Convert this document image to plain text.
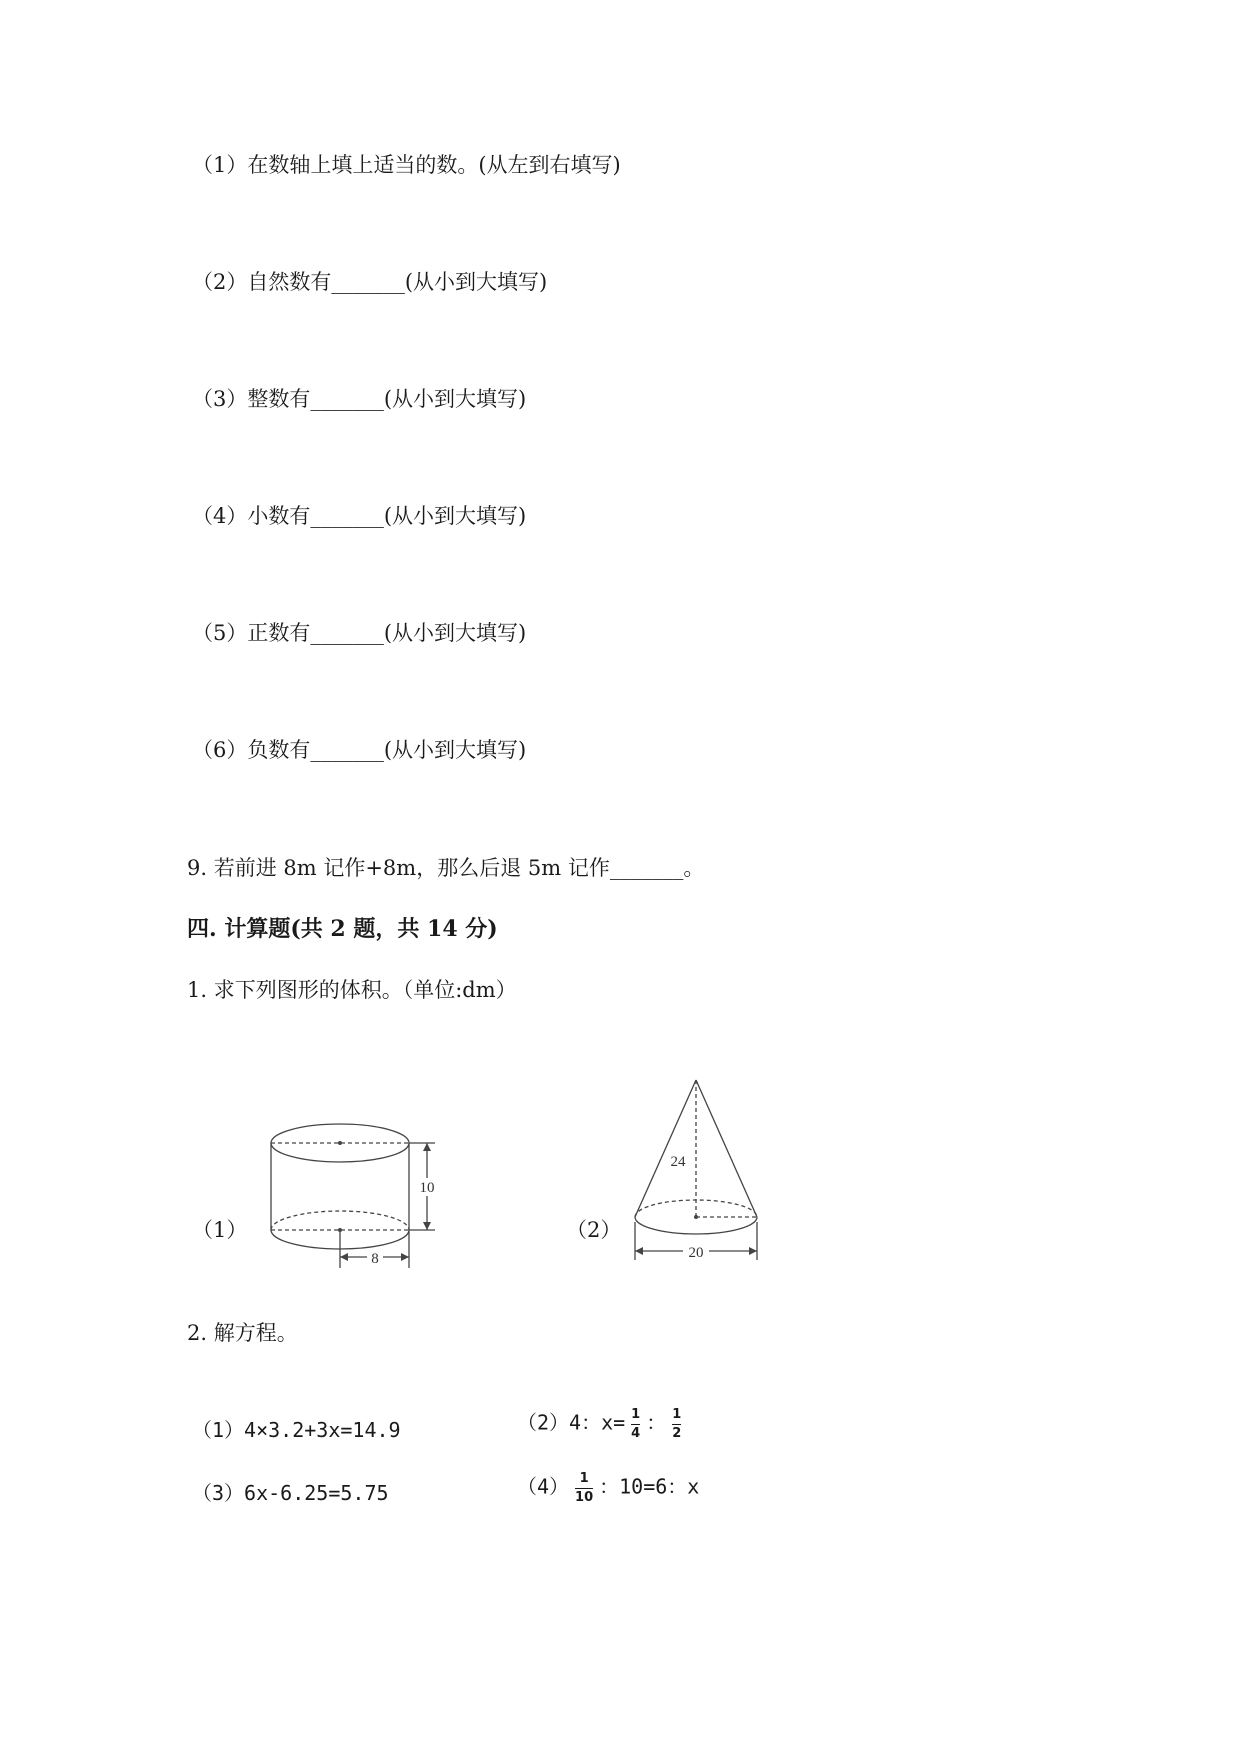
（1）在数轴上填上适当的数。(从左到右填写)
（2）自然数有_______(从小到大填写)
（3）整数有_______(从小到大填写)
（4）小数有_______(从小到大填写)
（5）正数有_______(从小到大填写)
（6）负数有_______(从小到大填写)
9. 若前进 8m 记作+8m，那么后退 5m 记作_______。
四. 计算题(共 2 题，共 14 分)
1. 求下列图形的体积。（单位:dm）
（1）
10
8
（2）
24
20
2. 解方程。
（1）4×3.2+3x=14.9	（2）4：$x= \frac{1}{4}$ ： $\frac{1}{2}$
（3）6x-6.25=5.75	$(4) \frac{1}{10}$ ：10=6：x
